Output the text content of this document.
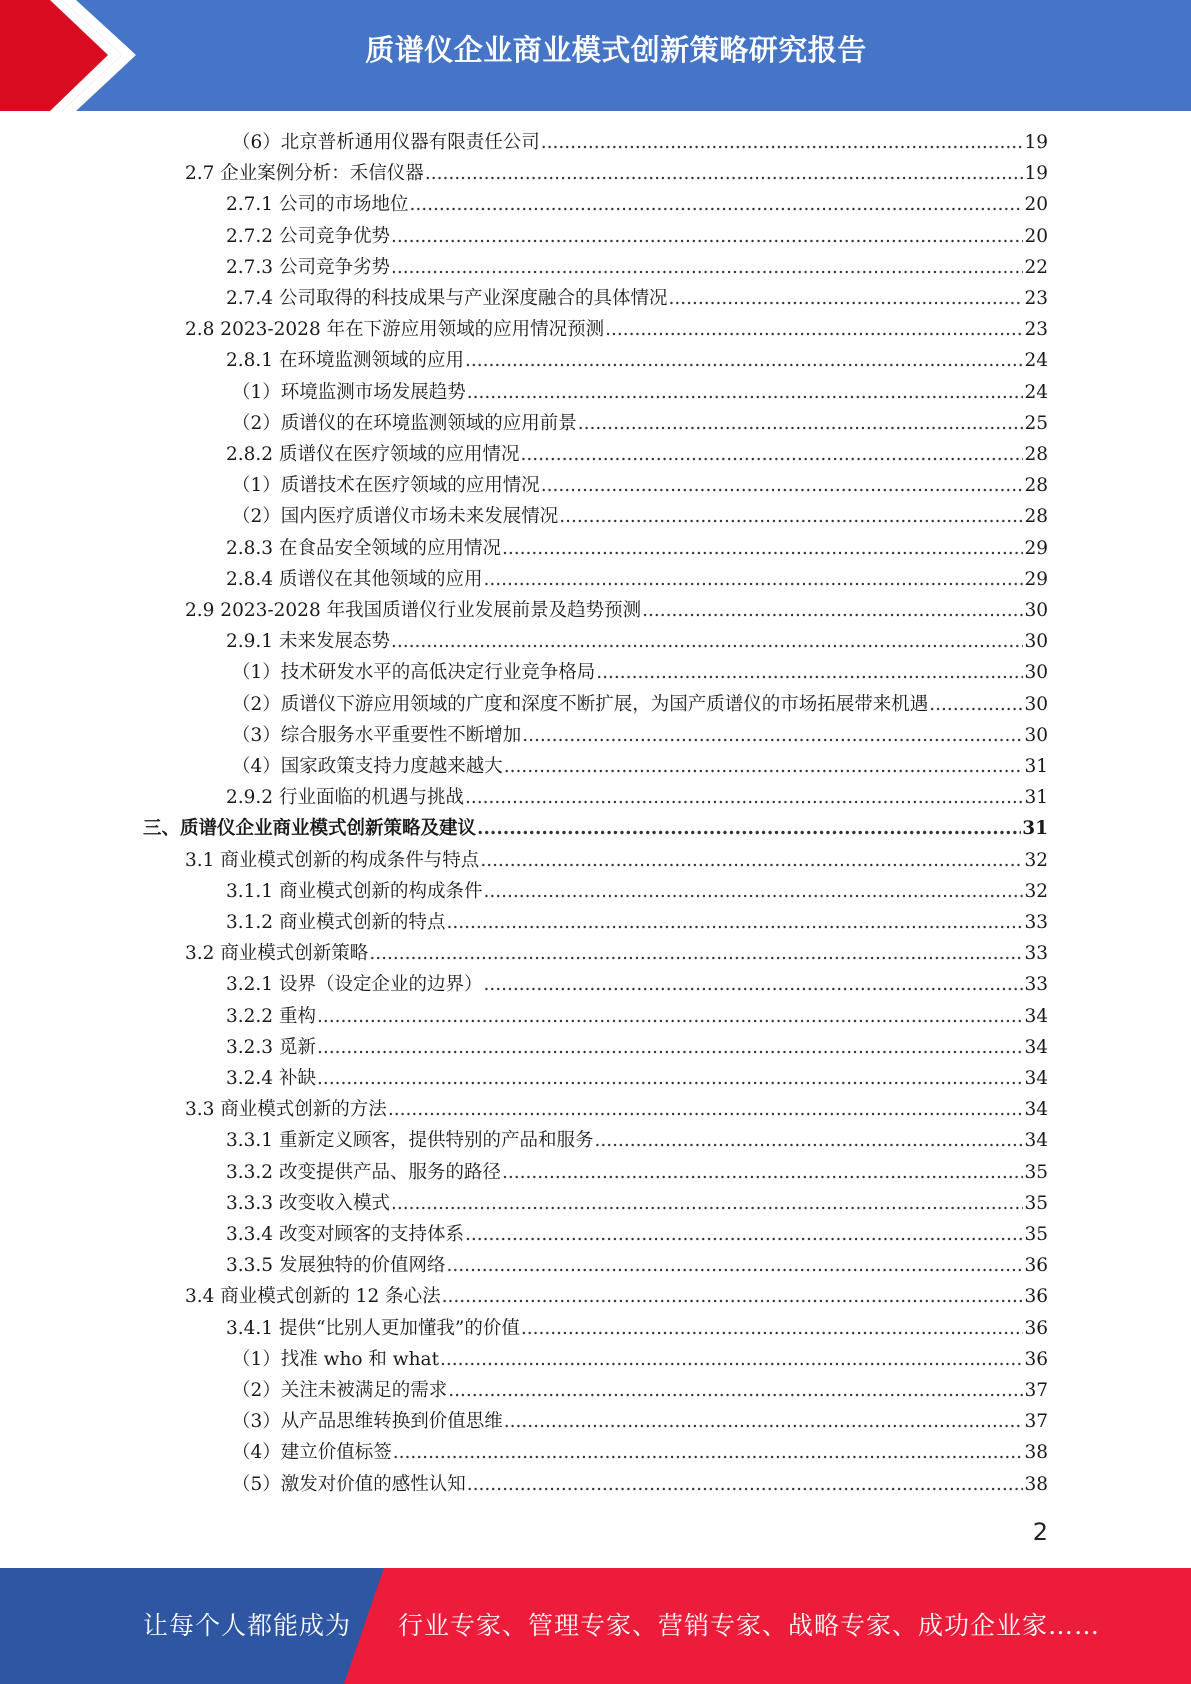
质谱仪企业商业模式创新策略研究报告
（6）北京普析通用仪器有限责任公司 .....	19
2.7 企业案例分析：禾信仪器 .....	19
2.7.1 公司的市场地位 .....	20
2.7.2 公司竞争优势 .....	20
2.7.3 公司竞争劣势 .....	22
2.7.4 公司取得的科技成果与产业深度融合的具体情况 .....	23
2.8 2023-2028 年在下游应用领域的应用情况预测 .....	23
2.8.1 在环境监测领域的应用 .....	24
（1）环境监测市场发展趋势 .....	24
（2）质谱仪的在环境监测领域的应用前景 .....	25
2.8.2 质谱仪在医疗领域的应用情况 .....	28
（1）质谱技术在医疗领域的应用情况 .....	28
（2）国内医疗质谱仪市场未来发展情况 .....	28
2.8.3 在食品安全领域的应用情况 .....	29
2.8.4 质谱仪在其他领域的应用 .....	29
2.9 2023-2028 年我国质谱仪行业发展前景及趋势预测 .....	30
2.9.1 未来发展态势 .....	30
（1）技术研发水平的高低决定行业竞争格局 .....	30
（2）质谱仪下游应用领域的广度和深度不断扩展，为国产质谱仪的市场拓展带来机遇 .....	30
（3）综合服务水平重要性不断增加 .....	30
（4）国家政策支持力度越来越大 .....	31
2.9.2 行业面临的机遇与挑战 .....	31
三、质谱仪企业商业模式创新策略及建议 .....	31
3.1 商业模式创新的构成条件与特点 .....	32
3.1.1 商业模式创新的构成条件 .....	32
3.1.2 商业模式创新的特点 .....	33
3.2 商业模式创新策略 .....	33
3.2.1 设界（设定企业的边界） .....	33
3.2.2 重构 .....	34
3.2.3 觅新 .....	34
3.2.4 补缺 .....	34
3.3 商业模式创新的方法 .....	34
3.3.1 重新定义顾客，提供特别的产品和服务 .....	34
3.3.2 改变提供产品、服务的路径 .....	35
3.3.3 改变收入模式 .....	35
3.3.4 改变对顾客的支持体系 .....	35
3.3.5 发展独特的价值网络 .....	36
3.4 商业模式创新的 12 条心法 .....	36
3.4.1 提供“比别人更加懂我”的价值 .....	36
（1）找准 who 和 what .....	36
（2）关注未被满足的需求 .....	37
（3）从产品思维转换到价值思维 .....	37
（4）建立价值标签 .....	38
（5）激发对价值的感性认知 .....	38
2
让每个人都能成为 行业专家、管理专家、营销专家、战略专家、成功企业家……
